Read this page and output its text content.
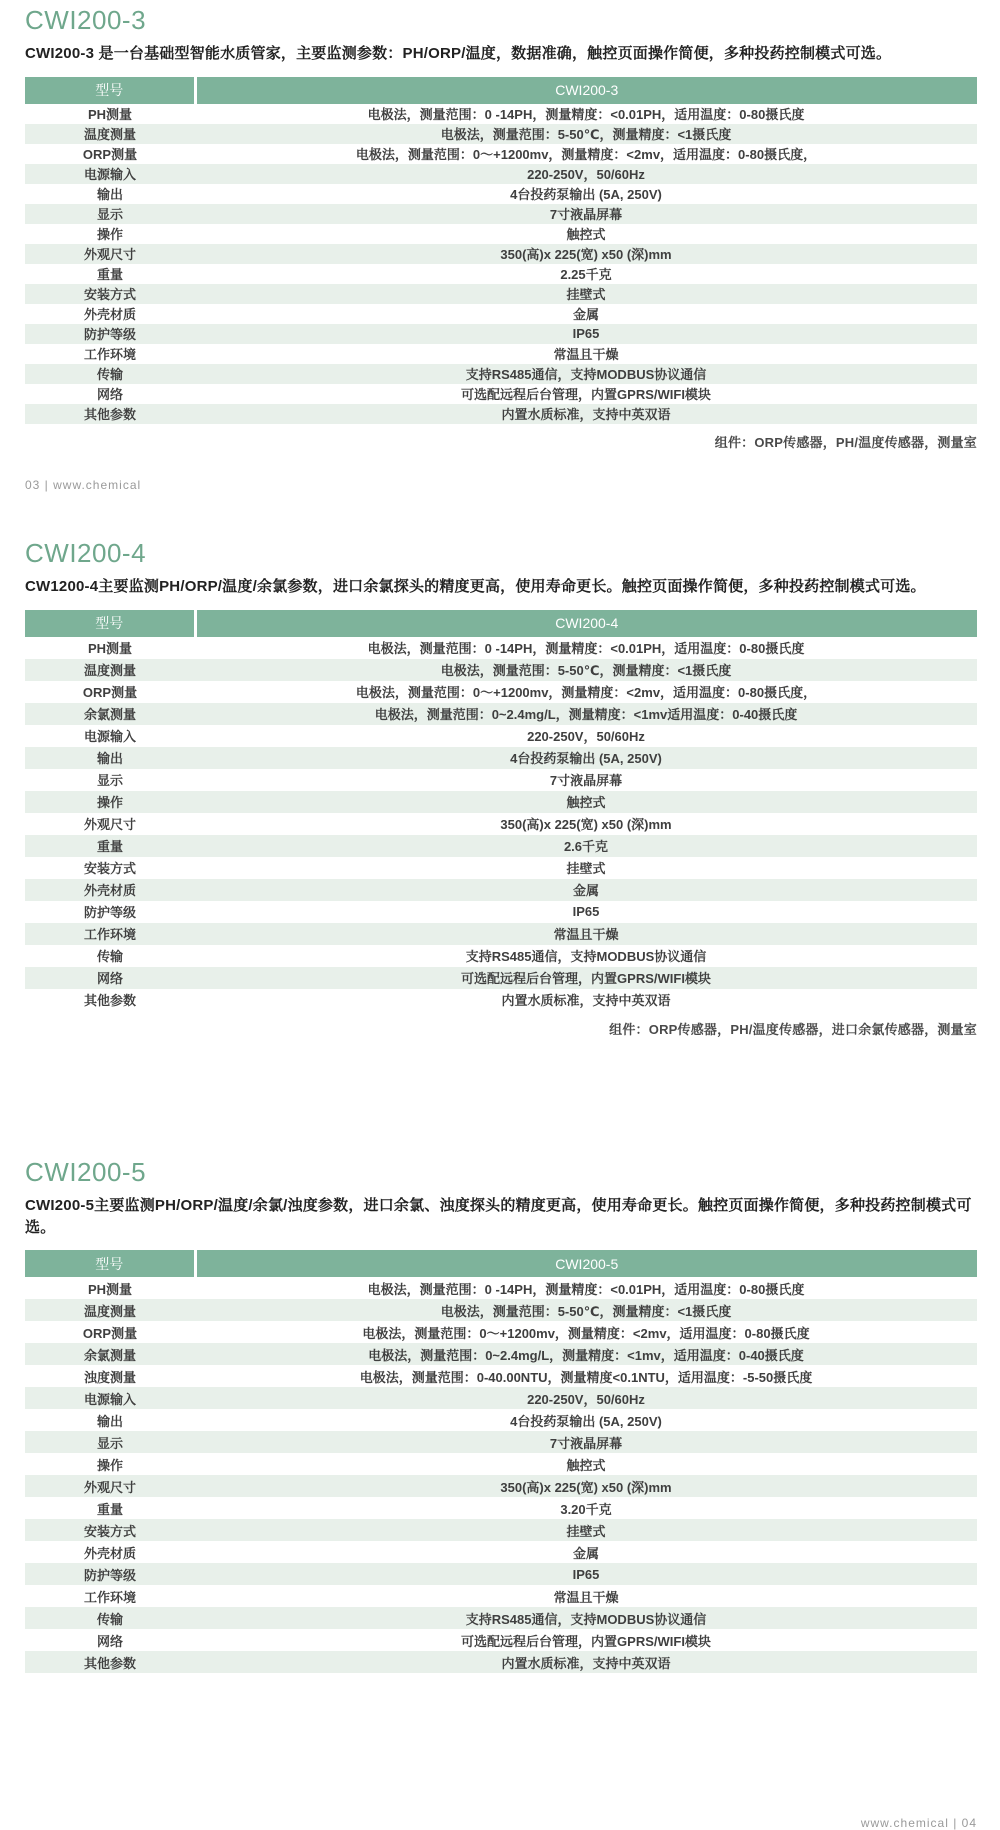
CWI200-3

CWI200-3 是一台基础型智能水质管家，主要监测参数：PH/ORP/温度，数据准确，触控页面操作简便，多种投药控制模式可选。

型号	CWI200-3
PH测量	电极法，测量范围：0 -14PH，测量精度：<0.01PH，适用温度：0-80摄氏度
温度测量	电极法，测量范围：5-50℃，测量精度：<1摄氏度
ORP测量	电极法，测量范围：0～+1200mv，测量精度：<2mv，适用温度：0-80摄氏度，
电源输入	220-250V，50/60Hz
输出	4台投药泵输出 (5A, 250V)
显示	7寸液晶屏幕
操作	触控式
外观尺寸	350(高)x 225(宽) x50 (深)mm
重量	2.25千克
安装方式	挂壁式
外壳材质	金属
防护等级	IP65
工作环境	常温且干燥
传输	支持RS485通信，支持MODBUS协议通信
网络	可选配远程后台管理，内置GPRS/WIFI模块
其他参数	内置水质标准，支持中英双语
组件：ORP传感器，PH/温度传感器，测量室
03 | www.chemical
CWI200-4

CW1200-4主要监测PH/ORP/温度/余氯参数，进口余氯探头的精度更高，使用寿命更长。触控页面操作简便，多种投药控制模式可选。

型号	CWI200-4
PH测量	电极法，测量范围：0 -14PH，测量精度：<0.01PH，适用温度：0-80摄氏度
温度测量	电极法，测量范围：5-50℃，测量精度：<1摄氏度
ORP测量	电极法，测量范围：0～+1200mv，测量精度：<2mv，适用温度：0-80摄氏度，
余氯测量	电极法，测量范围：0~2.4mg/L，测量精度：<1mv适用温度：0-40摄氏度
电源输入	220-250V，50/60Hz
输出	4台投药泵输出 (5A, 250V)
显示	7寸液晶屏幕
操作	触控式
外观尺寸	350(高)x 225(宽) x50 (深)mm
重量	2.6千克
安装方式	挂壁式
外壳材质	金属
防护等级	IP65
工作环境	常温且干燥
传输	支持RS485通信，支持MODBUS协议通信
网络	可选配远程后台管理，内置GPRS/WIFI模块
其他参数	内置水质标准，支持中英双语
组件：ORP传感器，PH/温度传感器，进口余氯传感器，测量室
CWI200-5

CWI200-5主要监测PH/ORP/温度/余氯/浊度参数，进口余氯、浊度探头的精度更高，使用寿命更长。触控页面操作简便，多种投药控制模式可选。

型号	CWI200-5
PH测量	电极法，测量范围：0 -14PH，测量精度：<0.01PH，适用温度：0-80摄氏度
温度测量	电极法，测量范围：5-50℃，测量精度：<1摄氏度
ORP测量	电极法，测量范围：0～+1200mv，测量精度：<2mv，适用温度：0-80摄氏度
余氯测量	电极法，测量范围：0~2.4mg/L，测量精度：<1mv，适用温度：0-40摄氏度
浊度测量	电极法，测量范围：0-40.00NTU，测量精度<0.1NTU，适用温度：-5-50摄氏度
电源输入	220-250V，50/60Hz
输出	4台投药泵输出 (5A, 250V)
显示	7寸液晶屏幕
操作	触控式
外观尺寸	350(高)x 225(宽) x50 (深)mm
重量	3.20千克
安装方式	挂壁式
外壳材质	金属
防护等级	IP65
工作环境	常温且干燥
传输	支持RS485通信，支持MODBUS协议通信
网络	可选配远程后台管理，内置GPRS/WIFI模块
其他参数	内置水质标准，支持中英双语
www.chemical | 04
